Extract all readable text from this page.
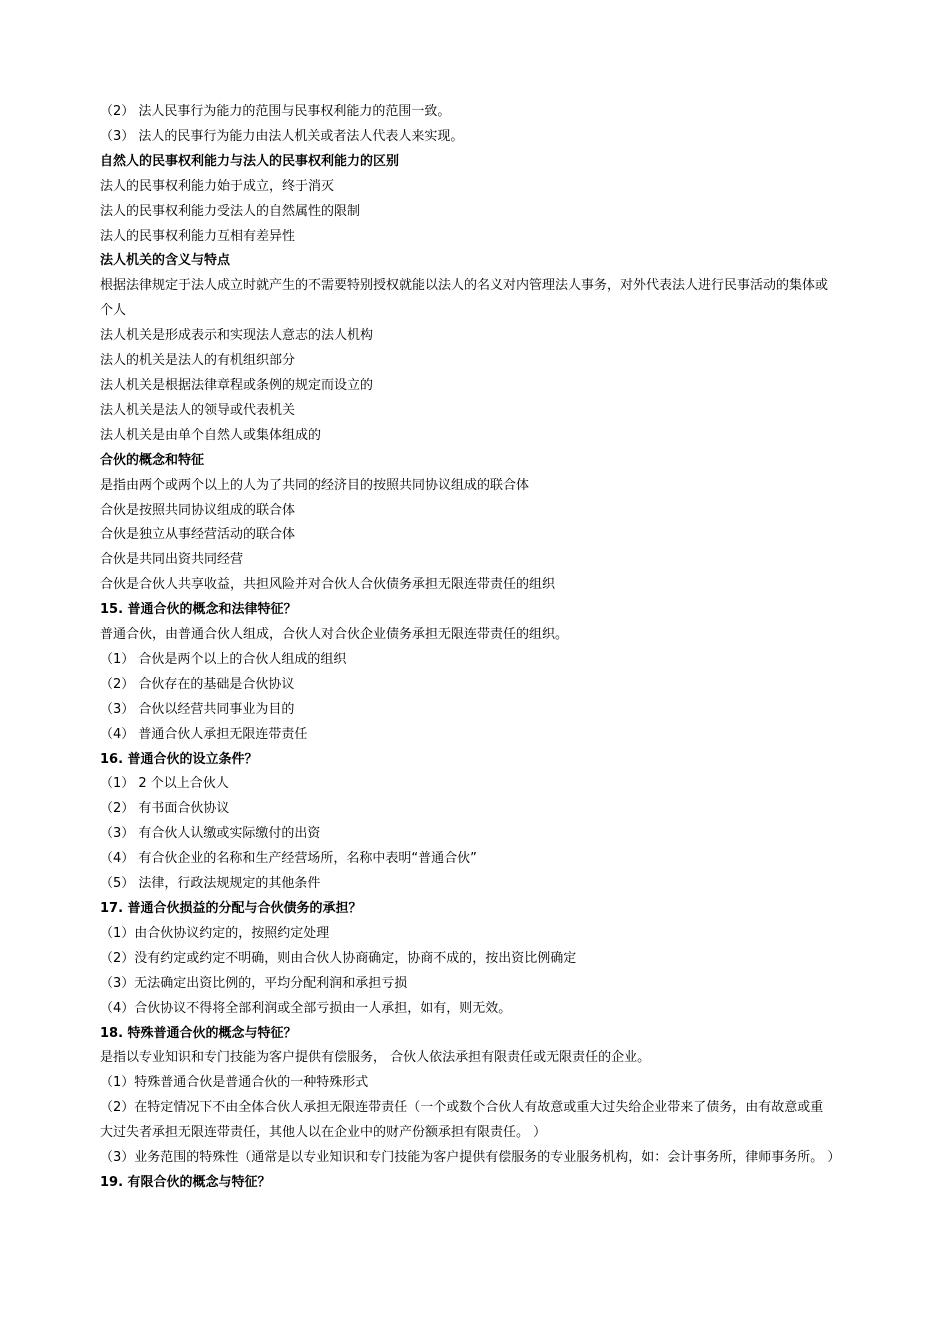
（2） 法人民事行为能力的范围与民事权利能力的范围一致。
（3） 法人的民事行为能力由法人机关或者法人代表人来实现。
自然人的民事权利能力与法人的民事权利能力的区别
法人的民事权利能力始于成立，终于消灭
法人的民事权利能力受法人的自然属性的限制
法人的民事权利能力互相有差异性
法人机关的含义与特点
根据法律规定于法人成立时就产生的不需要特别授权就能以法人的名义对内管理法人事务，对外代表法人进行民事活动的集体或个人
法人机关是形成表示和实现法人意志的法人机构
法人的机关是法人的有机组织部分
法人机关是根据法律章程或条例的规定而设立的
法人机关是法人的领导或代表机关
法人机关是由单个自然人或集体组成的
合伙的概念和特征
是指由两个或两个以上的人为了共同的经济目的按照共同协议组成的联合体
合伙是按照共同协议组成的联合体
合伙是独立从事经营活动的联合体
合伙是共同出资共同经营
合伙是合伙人共享收益，共担风险并对合伙人合伙债务承担无限连带责任的组织
15. 普通合伙的概念和法律特征？
普通合伙，由普通合伙人组成，合伙人对合伙企业债务承担无限连带责任的组织。
（1） 合伙是两个以上的合伙人组成的组织
（2） 合伙存在的基础是合伙协议
（3） 合伙以经营共同事业为目的
（4） 普通合伙人承担无限连带责任
16. 普通合伙的设立条件？
（1） 2 个以上合伙人
（2） 有书面合伙协议
（3） 有合伙人认缴或实际缴付的出资
（4） 有合伙企业的名称和生产经营场所，名称中表明“普通合伙”
（5） 法律，行政法规规定的其他条件
17. 普通合伙损益的分配与合伙债务的承担？
（1）由合伙协议约定的，按照约定处理
（2）没有约定或约定不明确，则由合伙人协商确定，协商不成的，按出资比例确定
（3）无法确定出资比例的，平均分配利润和承担亏损
（4）合伙协议不得将全部利润或全部亏损由一人承担，如有，则无效。
18. 特殊普通合伙的概念与特征？
是指以专业知识和专门技能为客户提供有偿服务， 合伙人依法承担有限责任或无限责任的企业。
（1）特殊普通合伙是普通合伙的一种特殊形式
（2）在特定情况下不由全体合伙人承担无限连带责任（一个或数个合伙人有故意或重大过失给企业带来了债务，由有故意或重大过失者承担无限连带责任，其他人以在企业中的财产份额承担有限责任。 ）
（3）业务范围的特殊性（通常是以专业知识和专门技能为客户提供有偿服务的专业服务机构，如：会计事务所，律师事务所。 ）
19. 有限合伙的概念与特征？
